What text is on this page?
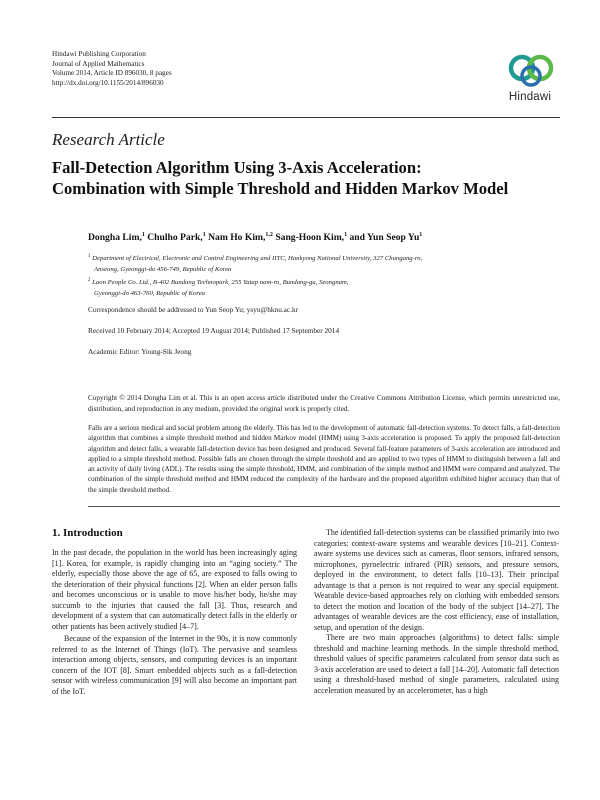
Hindawi Publishing Corporation
Journal of Applied Mathematics
Volume 2014, Article ID 896030, 8 pages
http://dx.doi.org/10.1155/2014/896030
Hindawi
Research Article
Fall-Detection Algorithm Using 3-Axis Acceleration:
Combination with Simple Threshold and Hidden Markov Model
Dongha Lim,$^1$ Chulho Park,$^1$ Nam Ho Kim,$^{1,2}$ Sang-Hoon Kim,$^1$ and Yun Seop Yu$^1$
$^1$ Department of Electrical, Electronic and Control Engineering and IITC, Hankyong National University, 327 Chungang-ro,
Anseong, Gyeonggi-do 456-749, Republic of Korea
$^2$ Laon People Co. Ltd., B-402 Bundang Technopark, 255 Yatap nam-ro, Bundang-gu, Seongnam,
Gyeonggi-do 463-760, Republic of Korea
Correspondence should be addressed to Yun Seop Yu; ysyu@hknu.ac.kr
Received 10 February 2014; Accepted 19 August 2014; Published 17 September 2014
Academic Editor: Young-Sik Jeong
Copyright © 2014 Dongha Lim et al. This is an open access article distributed under the Creative Commons Attribution License, which permits unrestricted use, distribution, and reproduction in any medium, provided the original work is properly cited.
Falls are a serious medical and social problem among the elderly. This has led to the development of automatic fall-detection systems. To detect falls, a fall-detection algorithm that combines a simple threshold method and hidden Markov model (HMM) using 3-axis acceleration is proposed. To apply the proposed fall-detection algorithm and detect falls, a wearable fall-detection device has been designed and produced. Several fall-feature parameters of 3-axis acceleration are introduced and applied to a simple threshold method. Possible falls are chosen through the simple threshold and are applied to two types of HMM to distinguish between a fall and an activity of daily living (ADL). The results using the simple threshold, HMM, and combination of the simple method and HMM were compared and analyzed. The combination of the simple threshold method and HMM reduced the complexity of the hardware and the proposed algorithm exhibited higher accuracy than that of the simple threshold method.
1. Introduction

In the past decade, the population in the world has been increasingly aging [1]. Korea, for example, is rapidly changing into an “aging society.” The elderly, especially those above the age of 65, are exposed to falls owing to the deterioration of their physical functions [2]. When an elder person falls and becomes unconscious or is unable to move his/her body, he/she may succumb to the injuries that caused the fall [3]. Thus, research and development of a system that can automatically detect falls in the elderly or other patients has been actively studied [4–7].

Because of the expansion of the Internet in the 90s, it is now commonly referred to as the Internet of Things (IoT). The pervasive and seamless interaction among objects, sensors, and computing devices is an important concern of the IOT [8]. Smart embedded objects such as a fall-detection sensor with wireless communication [9] will also become an important part of the IoT.

The identified fall-detection systems can be classified primarily into two categories: context-aware systems and wearable devices [10–21]. Context-aware systems use devices such as cameras, floor sensors, infrared sensors, microphones, pyroelectric infrared (PIR) sensors, and pressure sensors, deployed in the environment, to detect falls [10–13]. Their principal advantage is that a person is not required to wear any special equipment. Wearable device-based approaches rely on clothing with embedded sensors to detect the motion and location of the body of the subject [14–27]. The advantages of wearable devices are the cost efficiency, ease of installation, setup, and operation of the design.

There are two main approaches (algorithms) to detect falls: simple threshold and machine learning methods. In the simple threshold method, threshold values of specific parameters calculated from sensor data such as 3-axis acceleration are used to detect a fall [14–20]. Automatic fall detection using a threshold-based method of single parameters, calculated using acceleration measured by an accelerometer, has a high
